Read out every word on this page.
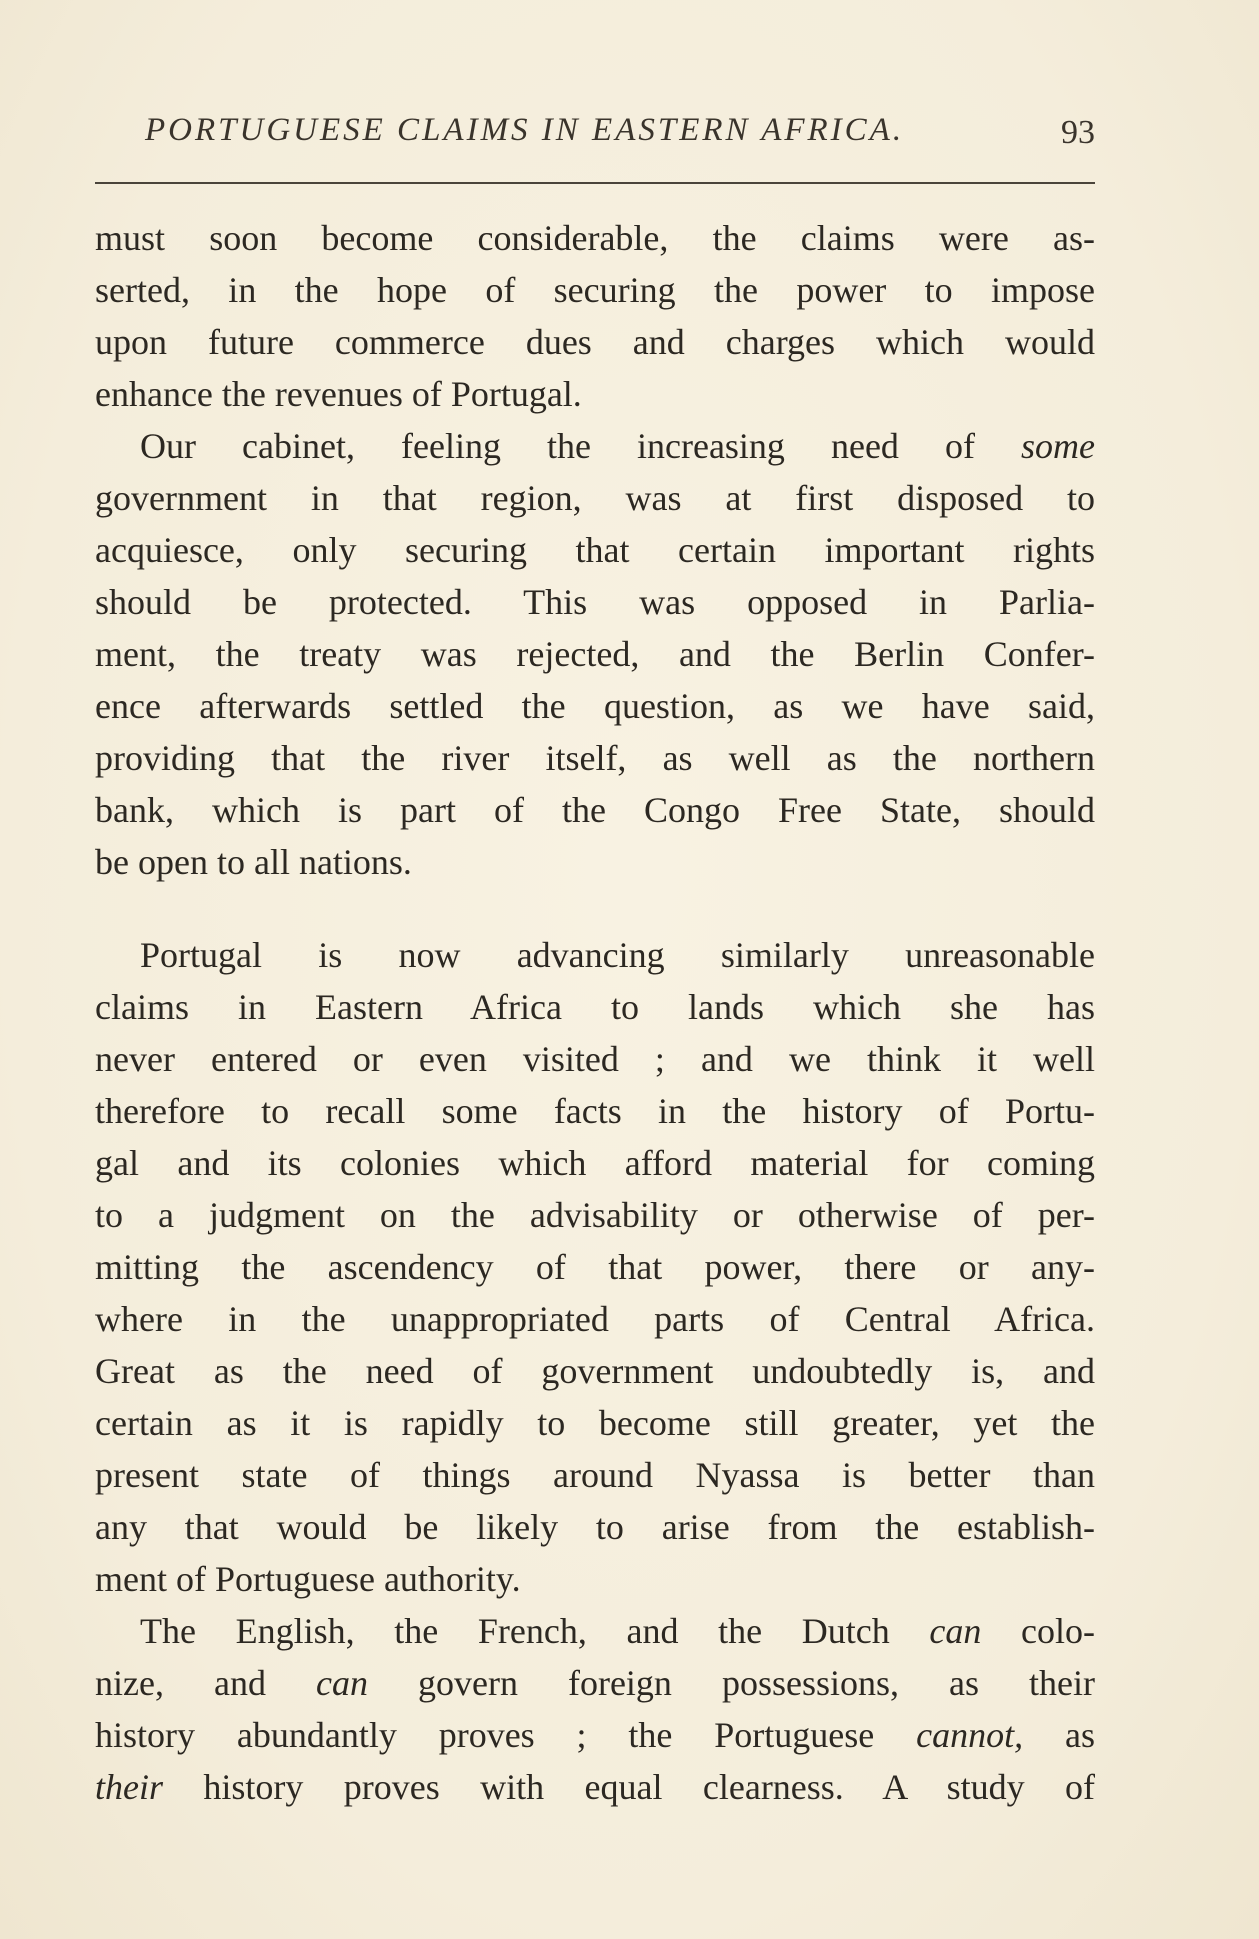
PORTUGUESE CLAIMS IN EASTERN AFRICA.	93
must soon become considerable, the claims were as-
serted, in the hope of securing the power to impose
upon future commerce dues and charges which would
enhance the revenues of Portugal.
Our cabinet, feeling the increasing need of some
government in that region, was at first disposed to
acquiesce, only securing that certain important rights
should be protected. This was opposed in Parlia-
ment, the treaty was rejected, and the Berlin Confer-
ence afterwards settled the question, as we have said,
providing that the river itself, as well as the northern
bank, which is part of the Congo Free State, should
be open to all nations.
Portugal is now advancing similarly unreasonable
claims in Eastern Africa to lands which she has
never entered or even visited ; and we think it well
therefore to recall some facts in the history of Portu-
gal and its colonies which afford material for coming
to a judgment on the advisability or otherwise of per-
mitting the ascendency of that power, there or any-
where in the unappropriated parts of Central Africa.
Great as the need of government undoubtedly is, and
certain as it is rapidly to become still greater, yet the
present state of things around Nyassa is better than
any that would be likely to arise from the establish-
ment of Portuguese authority.
The English, the French, and the Dutch can colo-
nize, and can govern foreign possessions, as their
history abundantly proves ; the Portuguese cannot, as
their history proves with equal clearness. A study of
